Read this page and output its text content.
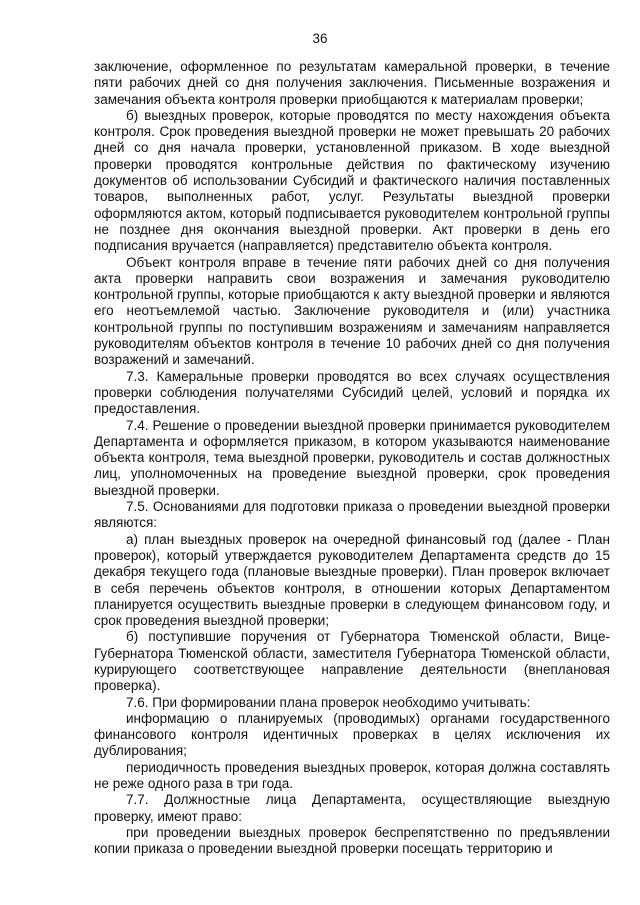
36

заключение, оформленное по результатам камеральной проверки, в течение пяти рабочих дней со дня получения заключения. Письменные возражения и замечания объекта контроля проверки приобщаются к материалам проверки;

б) выездных проверок, которые проводятся по месту нахождения объекта контроля. Срок проведения выездной проверки не может превышать 20 рабочих дней со дня начала проверки, установленной приказом. В ходе выездной проверки проводятся контрольные действия по фактическому изучению документов об использовании Субсидий и фактического наличия поставленных товаров, выполненных работ, услуг. Результаты выездной проверки оформляются актом, который подписывается руководителем контрольной группы не позднее дня окончания выездной проверки. Акт проверки в день его подписания вручается (направляется) представителю объекта контроля.

Объект контроля вправе в течение пяти рабочих дней со дня получения акта проверки направить свои возражения и замечания руководителю контрольной группы, которые приобщаются к акту выездной проверки и являются его неотъемлемой частью. Заключение руководителя и (или) участника контрольной группы по поступившим возражениям и замечаниям направляется руководителям объектов контроля в течение 10 рабочих дней со дня получения возражений и замечаний.

7.3. Камеральные проверки проводятся во всех случаях осуществления проверки соблюдения получателями Субсидий целей, условий и порядка их предоставления.

7.4. Решение о проведении выездной проверки принимается руководителем Департамента и оформляется приказом, в котором указываются наименование объекта контроля, тема выездной проверки, руководитель и состав должностных лиц, уполномоченных на проведение выездной проверки, срок проведения выездной проверки.

7.5. Основаниями для подготовки приказа о проведении выездной проверки являются:

а) план выездных проверок на очередной финансовый год (далее - План проверок), который утверждается руководителем Департамента средств до 15 декабря текущего года (плановые выездные проверки). План проверок включает в себя перечень объектов контроля, в отношении которых Департаментом планируется осуществить выездные проверки в следующем финансовом году, и срок проведения выездной проверки;

б) поступившие поручения от Губернатора Тюменской области, Вице-Губернатора Тюменской области, заместителя Губернатора Тюменской области, курирующего соответствующее направление деятельности (внеплановая проверка).

7.6. При формировании плана проверок необходимо учитывать:

информацию о планируемых (проводимых) органами государственного финансового контроля идентичных проверках в целях исключения их дублирования;

периодичность проведения выездных проверок, которая должна составлять не реже одного раза в три года.

7.7. Должностные лица Департамента, осуществляющие выездную проверку, имеют право:

при проведении выездных проверок беспрепятственно по предъявлении копии приказа о проведении выездной проверки посещать территорию и
